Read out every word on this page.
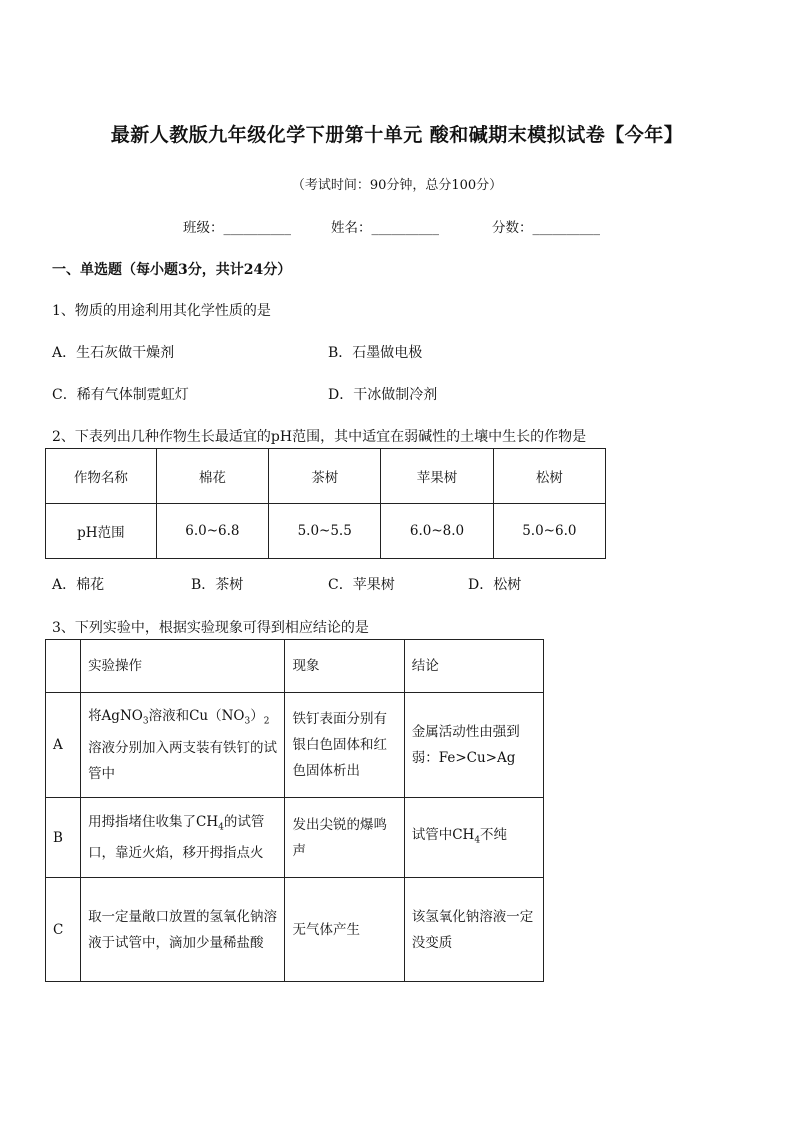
最新人教版九年级化学下册第十单元 酸和碱期末模拟试卷【今年】
（考试时间：90分钟，总分100分）
班级：__________	姓名：__________	分数：__________
一、单选题（每小题3分，共计24分）
1、物质的用途利用其化学性质的是
A．生石灰做干燥剂	B．石墨做电极
C．稀有气体制霓虹灯	D．干冰做制冷剂
2、下表列出几种作物生长最适宜的pH范围，其中适宜在弱碱性的土壤中生长的作物是
作物名称	棉花	茶树	苹果树	松树
pH范围	6.0~6.8	5.0~5.5	6.0~8.0	5.0~6.0
A．棉花	B．茶树	C．苹果树	D．松树
3、下列实验中，根据实验现象可得到相应结论的是
	实验操作	现象	结论
A	将AgNO$_3$溶液和$Cu(NO_3)_2$溶液分别加入两支装有铁钉的试管中	铁钉表面分别有银白色固体和红色固体析出	金属活动性由强到弱：Fe>Cu>Ag
B	用拇指堵住收集了$CH_4$的试管口，靠近火焰，移开拇指点火	发出尖锐的爆鸣声	试管中$CH_4$不纯
C	取一定量敞口放置的氢氧化钠溶液于试管中，滴加少量稀盐酸	无气体产生	该氢氧化钠溶液一定没变质
